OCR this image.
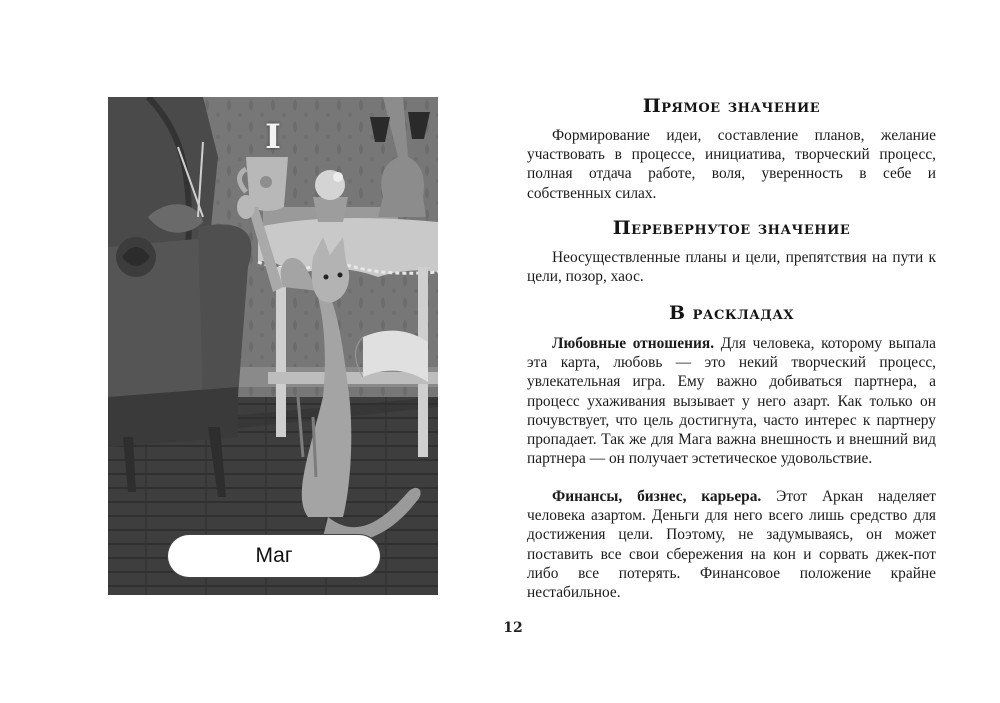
I
Маг
Прямое значение

Формирование идеи, составление планов, желание участвовать в процессе, инициатива, творческий процесс, полная отдача работе, воля, уверенность в себе и собственных силах.

Перевернутое значение

Неосуществленные планы и цели, препятствия на пути к цели, позор, хаос.

В раскладах

Любовные отношения. Для человека, которому выпала эта карта, любовь — это некий творческий процесс, увлекательная игра. Ему важно добиваться партнера, а процесс ухаживания вызывает у него азарт. Как только он почувствует, что цель достигнута, часто интерес к партнеру пропадает. Так же для Мага важна внешность и внешний вид партнера — он получает эстетическое удовольствие.

Финансы, бизнес, карьера. Этот Аркан наделяет человека азартом. Деньги для него всего лишь средство для достижения цели. Поэтому, не задумываясь, он может поставить все свои сбережения на кон и сорвать джек-пот либо все потерять. Финансовое положение крайне нестабильное.

12
